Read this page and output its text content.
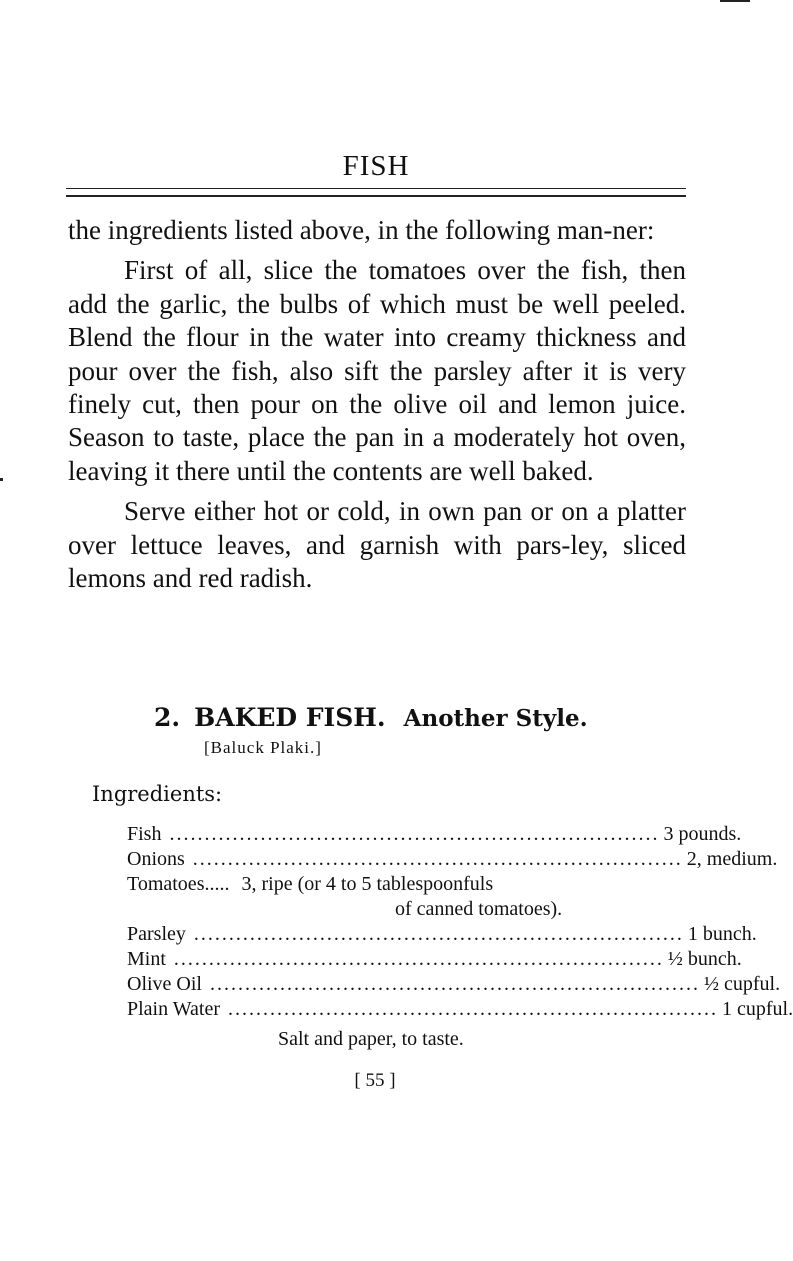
FISH

the ingredients listed above, in the following man-ner:

First of all, slice the tomatoes over the fish, then add the garlic, the bulbs of which must be well peeled. Blend the flour in the water into creamy thickness and pour over the fish, also sift the parsley after it is very finely cut, then pour on the olive oil and lemon juice. Season to taste, place the pan in a moderately hot oven, leaving it there until the contents are well baked.

Serve either hot or cold, in own pan or on a platter over lettuce leaves, and garnish with pars-ley, sliced lemons and red radish.

2. BAKED FISH. Another Style.
[Baluck Plaki.]
Ingredients:
Fish ...................................................................... 3 pounds.
Onions ...................................................................... 2, medium.
Tomatoes..... 3, ripe (or 4 to 5 tablespoonfuls
of canned tomatoes).
Parsley ...................................................................... 1 bunch.
Mint ...................................................................... ½ bunch.
Olive Oil ...................................................................... ½ cupful.
Plain Water ...................................................................... 1 cupful.
Salt and paper, to taste.
[ 55 ]
